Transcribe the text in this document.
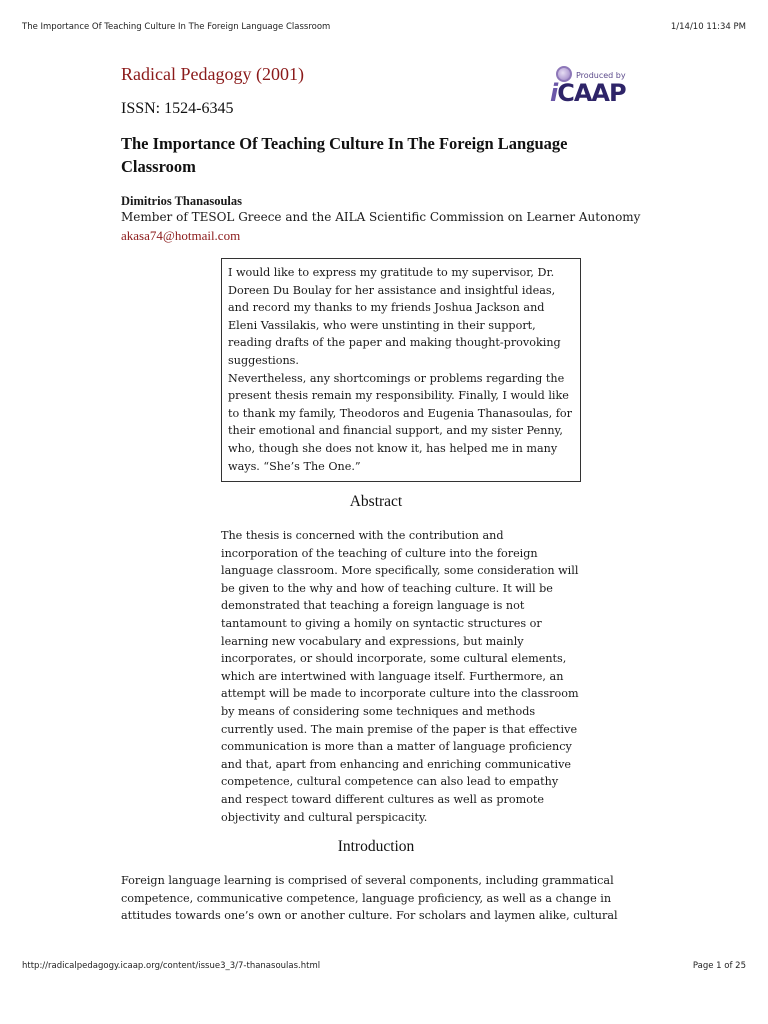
The Importance Of Teaching Culture In The Foreign Language Classroom	1/14/10 11:34 PM
Radical Pedagogy (2001)

ISSN: 1524-6345

Produced by
iCAAP
The Importance Of Teaching Culture In The Foreign Language Classroom

Dimitrios Thanasoulas

Member of TESOL Greece and the AILA Scientific Commission on Learner Autonomy

akasa74@hotmail.com

I would like to express my gratitude to my supervisor, Dr. Doreen Du Boulay for her assistance and insightful ideas, and record my thanks to my friends Joshua Jackson and Eleni Vassilakis, who were unstinting in their support, reading drafts of the paper and making thought-provoking suggestions.

Nevertheless, any shortcomings or problems regarding the present thesis remain my responsibility. Finally, I would like to thank my family, Theodoros and Eugenia Thanasoulas, for their emotional and financial support, and my sister Penny, who, though she does not know it, has helped me in many ways. “She’s The One.”

Abstract

The thesis is concerned with the contribution and incorporation of the teaching of culture into the foreign language classroom. More specifically, some consideration will be given to the why and how of teaching culture. It will be demonstrated that teaching a foreign language is not tantamount to giving a homily on syntactic structures or learning new vocabulary and expressions, but mainly incorporates, or should incorporate, some cultural elements, which are intertwined with language itself. Furthermore, an attempt will be made to incorporate culture into the classroom by means of considering some techniques and methods currently used. The main premise of the paper is that effective communication is more than a matter of language proficiency and that, apart from enhancing and enriching communicative competence, cultural competence can also lead to empathy and respect toward different cultures as well as promote objectivity and cultural perspicacity.

Introduction

Foreign language learning is comprised of several components, including grammatical competence, communicative competence, language proficiency, as well as a change in attitudes towards one’s own or another culture. For scholars and laymen alike, cultural

http://radicalpedagogy.icaap.org/content/issue3_3/7-thanasoulas.html	Page 1 of 25
